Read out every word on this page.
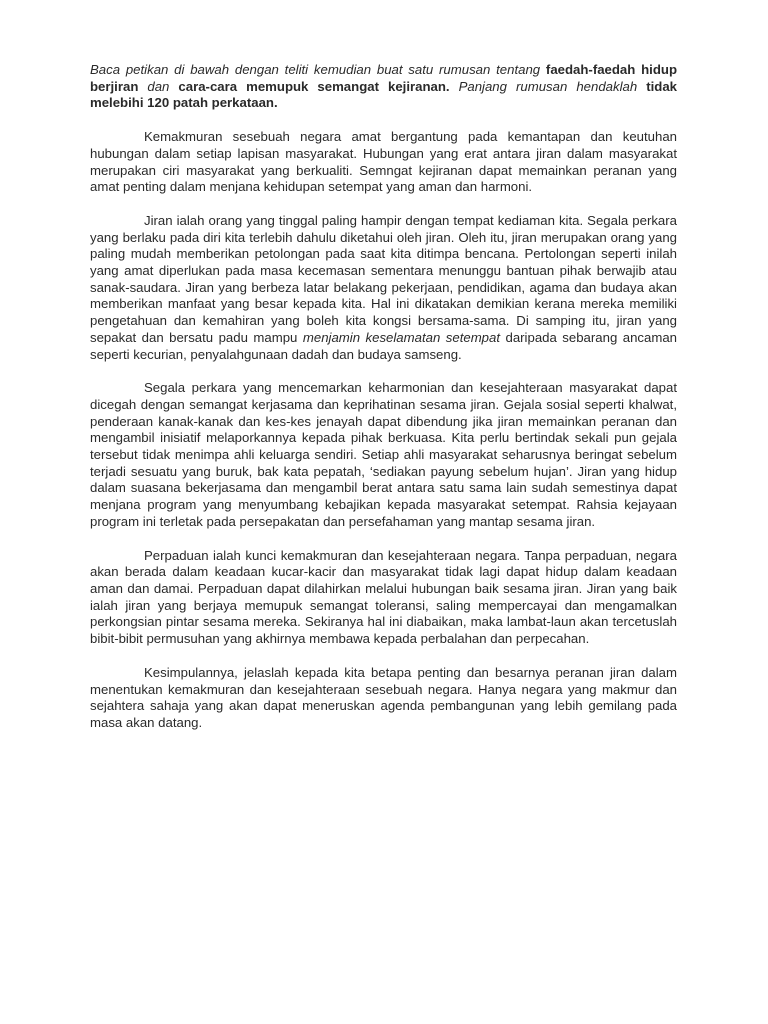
Baca petikan di bawah dengan teliti kemudian buat satu rumusan tentang faedah-faedah hidup berjiran dan cara-cara memupuk semangat kejiranan. Panjang rumusan hendaklah tidak melebihi 120 patah perkataan.

Kemakmuran sesebuah negara amat bergantung pada kemantapan dan keutuhan hubungan dalam setiap lapisan masyarakat. Hubungan yang erat antara jiran dalam masyarakat merupakan ciri masyarakat yang berkualiti. Semngat kejiranan dapat memainkan peranan yang amat penting dalam menjana kehidupan setempat yang aman dan harmoni.

Jiran ialah orang yang tinggal paling hampir dengan tempat kediaman kita. Segala perkara yang berlaku pada diri kita terlebih dahulu diketahui oleh jiran. Oleh itu, jiran merupakan orang yang paling mudah memberikan petolongan pada saat kita ditimpa bencana. Pertolongan seperti inilah yang amat diperlukan pada masa kecemasan sementara menunggu bantuan pihak berwajib atau sanak-saudara. Jiran yang berbeza latar belakang pekerjaan, pendidikan, agama dan budaya akan memberikan manfaat yang besar kepada kita. Hal ini dikatakan demikian kerana mereka memiliki pengetahuan dan kemahiran yang boleh kita kongsi bersama-sama. Di samping itu, jiran yang sepakat dan bersatu padu mampu menjamin keselamatan setempat daripada sebarang ancaman seperti kecurian, penyalahgunaan dadah dan budaya samseng.

Segala perkara yang mencemarkan keharmonian dan kesejahteraan masyarakat dapat dicegah dengan semangat kerjasama dan keprihatinan sesama jiran. Gejala sosial seperti khalwat, penderaan kanak-kanak dan kes-kes jenayah dapat dibendung jika jiran memainkan peranan dan mengambil inisiatif melaporkannya kepada pihak berkuasa. Kita perlu bertindak sekali pun gejala tersebut tidak menimpa ahli keluarga sendiri. Setiap ahli masyarakat seharusnya beringat sebelum terjadi sesuatu yang buruk, bak kata pepatah, ‘sediakan payung sebelum hujan’. Jiran yang hidup dalam suasana bekerjasama dan mengambil berat antara satu sama lain sudah semestinya dapat menjana program yang menyumbang kebajikan kepada masyarakat setempat. Rahsia kejayaan program ini terletak pada persepakatan dan persefahaman yang mantap sesama jiran.

Perpaduan ialah kunci kemakmuran dan kesejahteraan negara. Tanpa perpaduan, negara akan berada dalam keadaan kucar-kacir dan masyarakat tidak lagi dapat hidup dalam keadaan aman dan damai. Perpaduan dapat dilahirkan melalui hubungan baik sesama jiran. Jiran yang baik ialah jiran yang berjaya memupuk semangat toleransi, saling mempercayai dan mengamalkan perkongsian pintar sesama mereka. Sekiranya hal ini diabaikan, maka lambat-laun akan tercetuslah bibit-bibit permusuhan yang akhirnya membawa kepada perbalahan dan perpecahan.

Kesimpulannya, jelaslah kepada kita betapa penting dan besarnya peranan jiran dalam menentukan kemakmuran dan kesejahteraan sesebuah negara. Hanya negara yang makmur dan sejahtera sahaja yang akan dapat meneruskan agenda pembangunan yang lebih gemilang pada masa akan datang.
